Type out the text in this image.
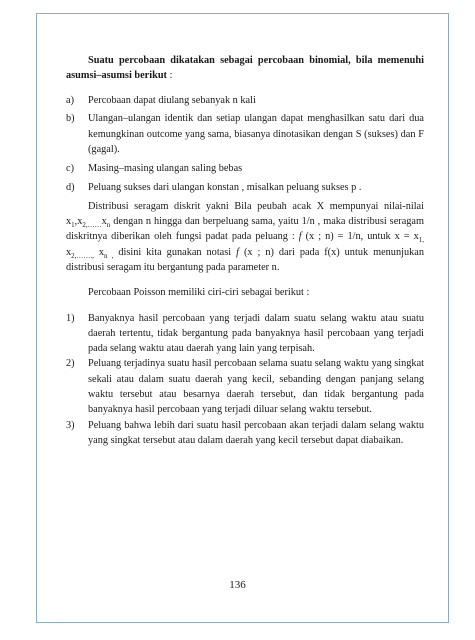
Suatu percobaan dikatakan sebagai percobaan binomial, bila memenuhi asumsi–asumsi berikut :

a) Percobaan dapat diulang sebanyak n kali
b) Ulangan–ulangan identik dan setiap ulangan dapat menghasilkan satu dari dua kemungkinan outcome yang sama, biasanya dinotasikan dengan S (sukses) dan F (gagal).
c) Masing–masing ulangan saling bebas
d) Peluang sukses dari ulangan konstan , misalkan peluang sukses p .

Distribusi seragam diskrit yakni Bila peubah acak X mempunyai nilai-nilai $x_1,x_{2,\dots\dots}x_n$ dengan n hingga dan berpeluang sama, yaitu 1/n , maka distribusi seragam diskritnya diberikan oleh fungsi padat pada peluang : f (x ; n) = 1/n, untuk $x = x_{1,}$ $x_{2,\dots\dots.,}$ $x_{n ,}$ disini kita gunakan notasi f (x ; n) dari pada f(x) untuk menunjukan distribusi seragam itu bergantung pada parameter n.

Percobaan Poisson memiliki ciri-ciri sebagai berikut :

1) Banyaknya hasil percobaan yang terjadi dalam suatu selang waktu atau suatu daerah tertentu, tidak bergantung pada banyaknya hasil percobaan yang terjadi pada selang waktu atau daerah yang lain yang terpisah.
2) Peluang terjadinya suatu hasil percobaan selama suatu selang waktu yang singkat sekali atau dalam suatu daerah yang kecil, sebanding dengan panjang selang waktu tersebut atau besarnya daerah tersebut, dan tidak bergantung pada banyaknya hasil percobaan yang terjadi diluar selang waktu tersebut.
3) Peluang bahwa lebih dari suatu hasil percobaan akan terjadi dalam selang waktu yang singkat tersebut atau dalam daerah yang kecil tersebut dapat diabaikan.
136
